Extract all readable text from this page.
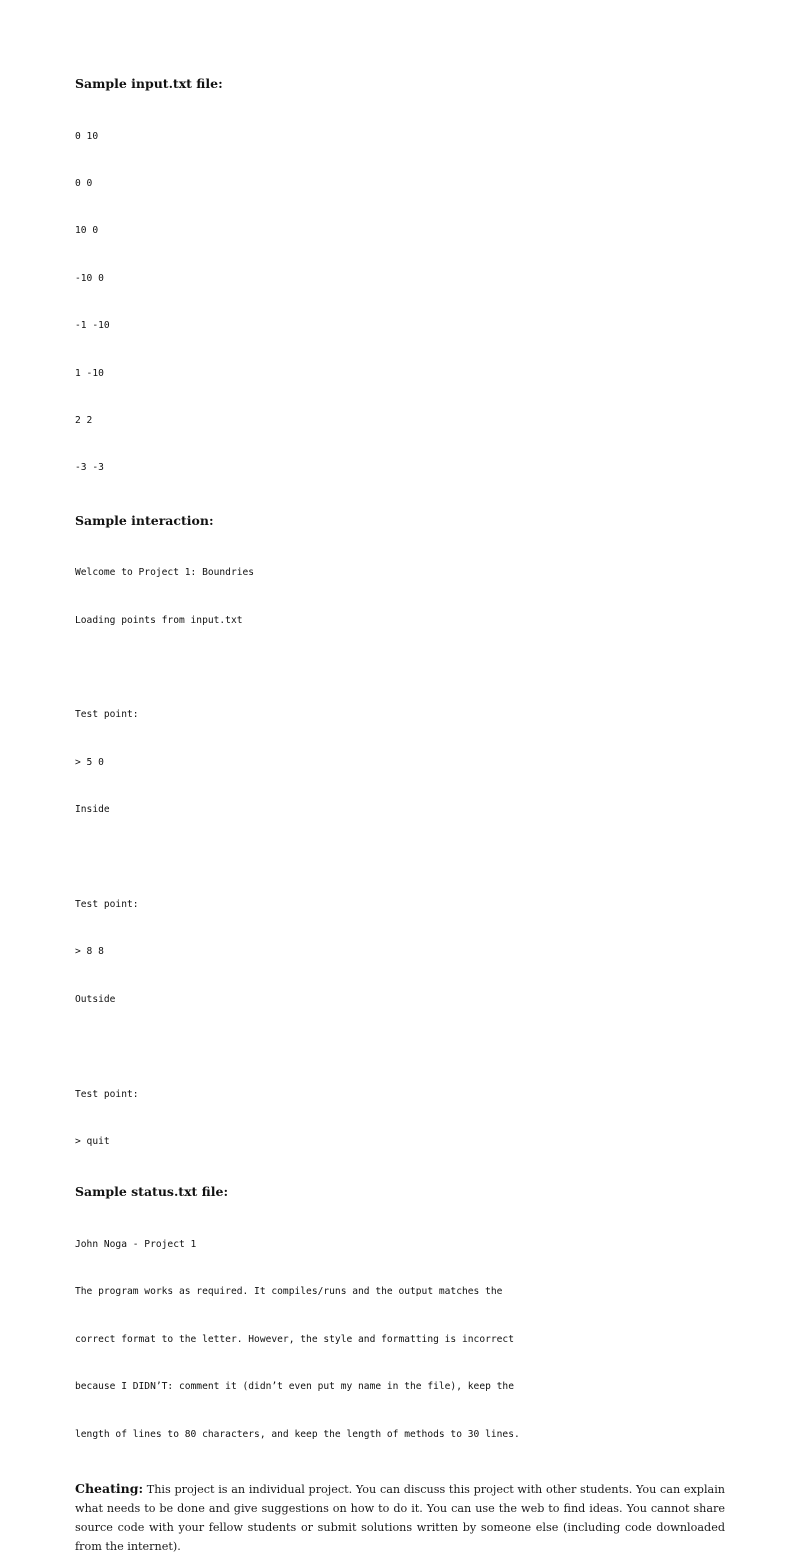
Sample input.txt file:

0 10

0 0

10 0

-10 0

-1 -10

1 -10

2 2

-3 -3

Sample interaction:

Welcome to Project 1: Boundries

Loading points from input.txt

Test point:

> 5 0

Inside

Test point:

> 8 8

Outside

Test point:

> quit

Sample status.txt file:

John Noga - Project 1

The program works as required. It compiles/runs and the output matches the

correct format to the letter. However, the style and formatting is incorrect

because I DIDN’T: comment it (didn’t even put my name in the file), keep the

length of lines to 80 characters, and keep the length of methods to 30 lines.

Cheating: This project is an individual project. You can discuss this project with other students. You can explain what needs to be done and give suggestions on how to do it. You can use the web to find ideas. You cannot share source code with your fellow students or submit solutions written by someone else (including code downloaded from the internet).
